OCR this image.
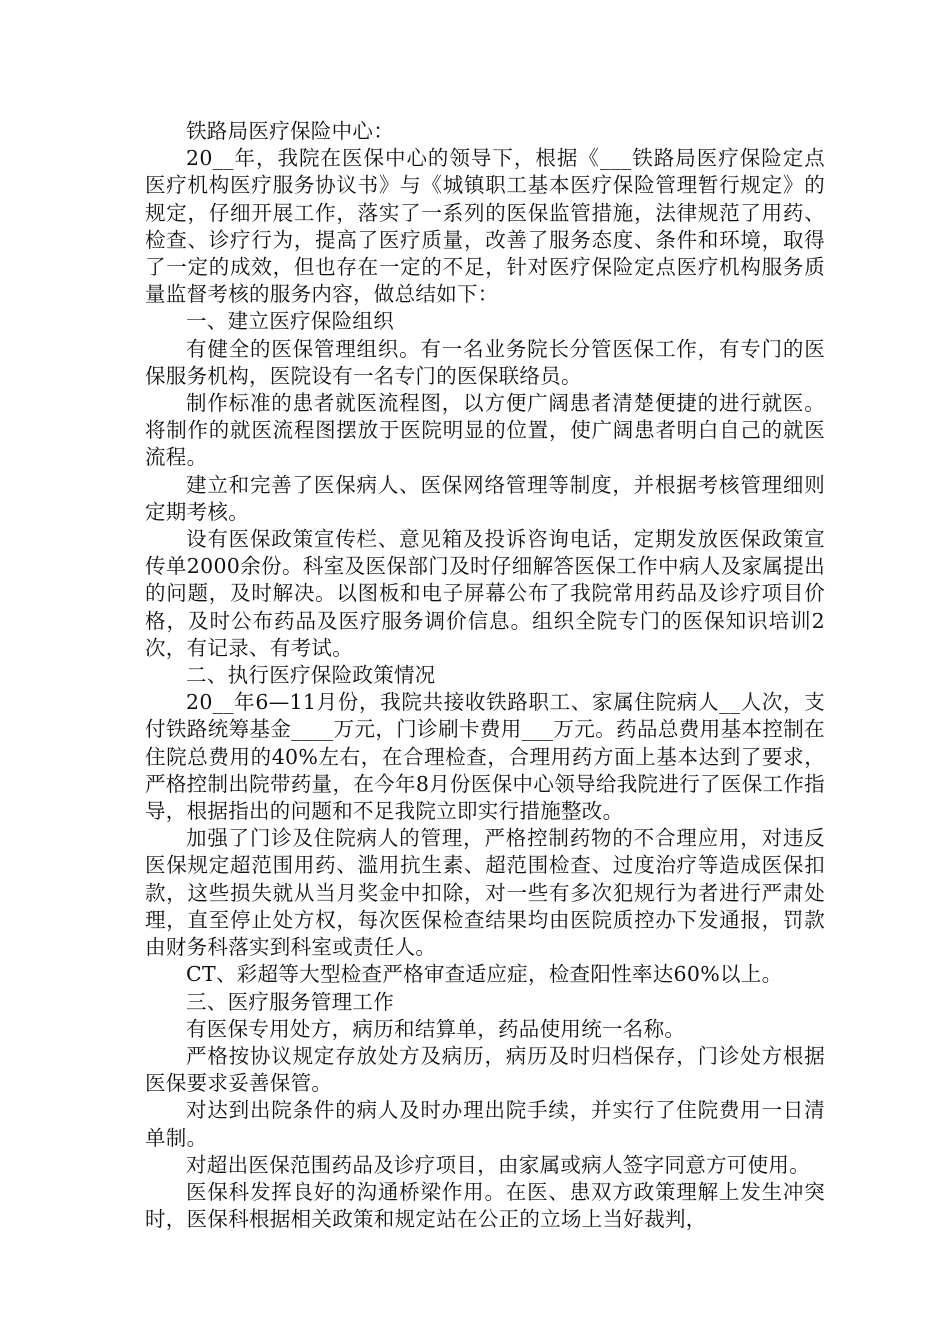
铁路局医疗保险中心：

20__年，我院在医保中心的领导下，根据《___铁路局医疗保险定点医疗机构医疗服务协议书》与《城镇职工基本医疗保险管理暂行规定》的规定，仔细开展工作，落实了一系列的医保监管措施，法律规范了用药、检查、诊疗行为，提高了医疗质量，改善了服务态度、条件和环境，取得了一定的成效，但也存在一定的不足，针对医疗保险定点医疗机构服务质量监督考核的服务内容，做总结如下：

一、建立医疗保险组织

有健全的医保管理组织。有一名业务院长分管医保工作，有专门的医保服务机构，医院设有一名专门的医保联络员。

制作标准的患者就医流程图，以方便广阔患者清楚便捷的进行就医。将制作的就医流程图摆放于医院明显的位置，使广阔患者明白自己的就医流程。

建立和完善了医保病人、医保网络管理等制度，并根据考核管理细则定期考核。

设有医保政策宣传栏、意见箱及投诉咨询电话，定期发放医保政策宣传单2000余份。科室及医保部门及时仔细解答医保工作中病人及家属提出的问题，及时解决。以图板和电子屏幕公布了我院常用药品及诊疗项目价格，及时公布药品及医疗服务调价信息。组织全院专门的医保知识培训2次，有记录、有考试。

二、执行医疗保险政策情况

20__年6—11月份，我院共接收铁路职工、家属住院病人__人次，支付铁路统筹基金____万元，门诊刷卡费用___万元。药品总费用基本控制在住院总费用的40%左右，在合理检查，合理用药方面上基本达到了要求，严格控制出院带药量，在今年8月份医保中心领导给我院进行了医保工作指导，根据指出的问题和不足我院立即实行措施整改。

加强了门诊及住院病人的管理，严格控制药物的不合理应用，对违反医保规定超范围用药、滥用抗生素、超范围检查、过度治疗等造成医保扣款，这些损失就从当月奖金中扣除，对一些有多次犯规行为者进行严肃处理，直至停止处方权，每次医保检查结果均由医院质控办下发通报，罚款由财务科落实到科室或责任人。

CT、彩超等大型检查严格审查适应症，检查阳性率达60%以上。

三、医疗服务管理工作

有医保专用处方，病历和结算单，药品使用统一名称。

严格按协议规定存放处方及病历，病历及时归档保存，门诊处方根据医保要求妥善保管。

对达到出院条件的病人及时办理出院手续，并实行了住院费用一日清单制。

对超出医保范围药品及诊疗项目，由家属或病人签字同意方可使用。

医保科发挥良好的沟通桥梁作用。在医、患双方政策理解上发生冲突时，医保科根据相关政策和规定站在公正的立场上当好裁判，
